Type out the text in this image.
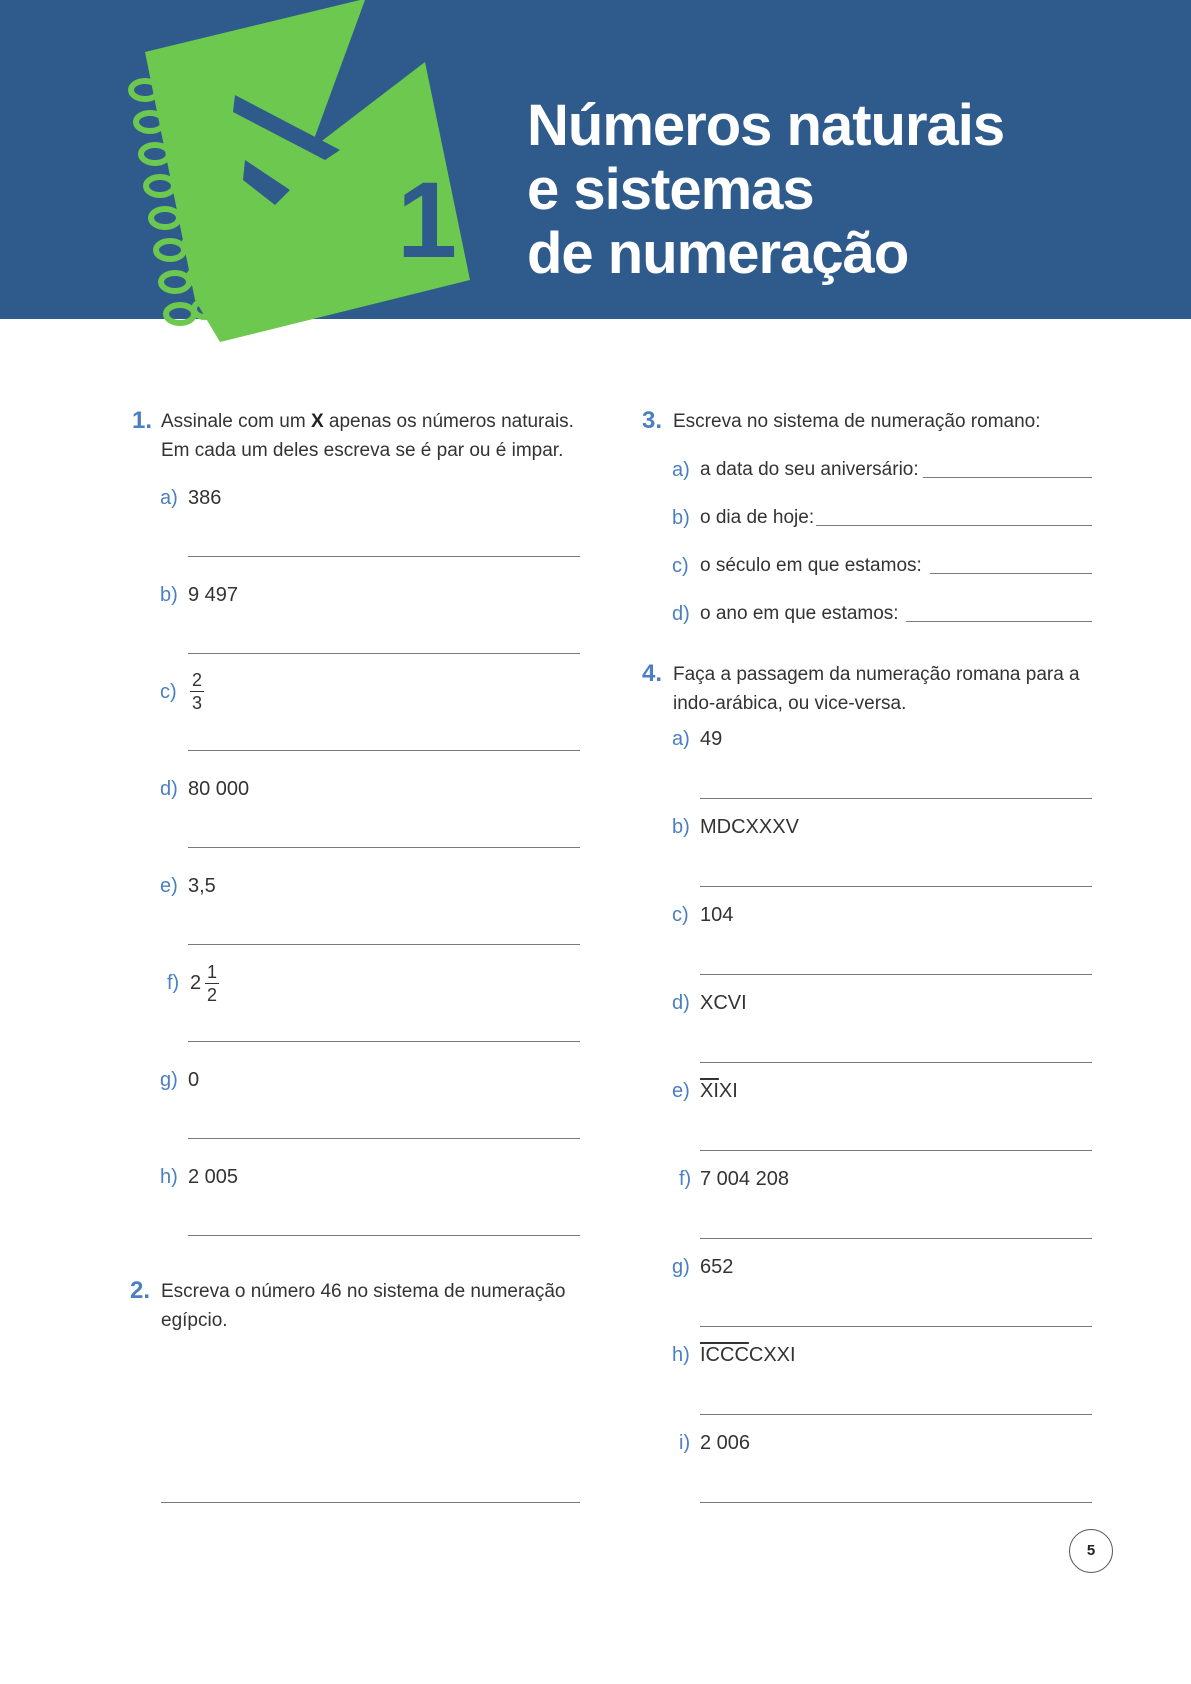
1
Números naturais
e sistemas
de numeração
1. Assinale com um X apenas os números naturais.
Em cada um deles escreva se é par ou é impar.
a) 386
b) 9 497
$c) \frac{2}{3}$
d) 80 000
e) 3,5
f) $2 \frac{1}{2}$
g) 0
h) 2 005
2. Escreva o número 46 no sistema de numeração
egípcio.
3. Escreva no sistema de numeração romano:
a) a data do seu aniversário:
b) o dia de hoje:
c) o século em que estamos:
d) o ano em que estamos:
4. Faça a passagem da numeração romana para a
indo-arábica, ou vice-versa.
a) 49
b) MDCXXXV
c) 104
d) XCVI
e) $\overline{XI}XI$
f) 7 004 208
g) 652
h) ICCCCXXI
i) 2 006
5
